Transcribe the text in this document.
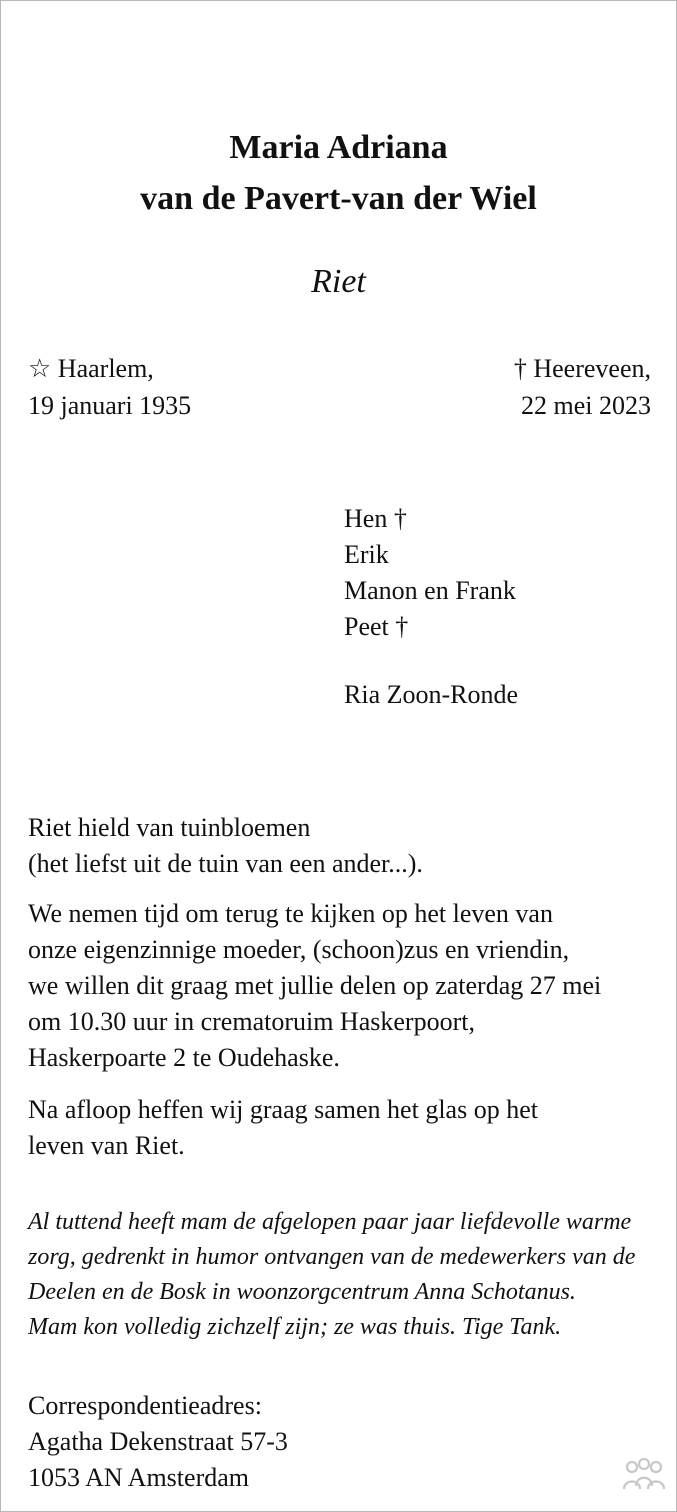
Maria Adriana
van de Pavert-van der Wiel
Riet
☆ Haarlem,
19 januari 1935
† Heereveen,
22 mei 2023
Hen †
Erik
Manon en Frank
Peet †
Ria Zoon-Ronde
Riet hield van tuinbloemen
(het liefst uit de tuin van een ander...).
We nemen tijd om terug te kijken op het leven van
onze eigenzinnige moeder, (schoon)zus en vriendin,
we willen dit graag met jullie delen op zaterdag 27 mei
om 10.30 uur in crematoruim Haskerpoort,
Haskerpoarte 2 te Oudehaske.
Na afloop heffen wij graag samen het glas op het
leven van Riet.
Al tuttend heeft mam de afgelopen paar jaar liefdevolle warme
zorg, gedrenkt in humor ontvangen van de medewerkers van de
Deelen en de Bosk in woonzorgcentrum Anna Schotanus.
Mam kon volledig zichzelf zijn; ze was thuis. Tige Tank.
Correspondentieadres:
Agatha Dekenstraat 57-3
1053 AN Amsterdam
